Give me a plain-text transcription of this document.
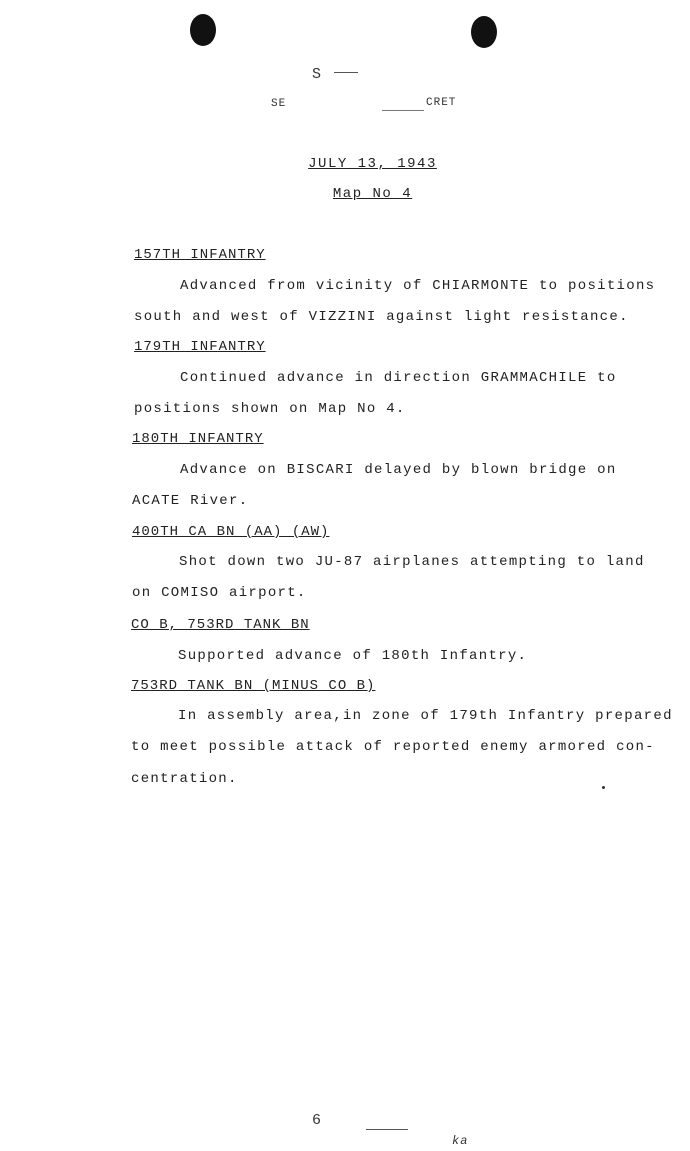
S
SE	CRET
JULY 13, 1943
Map No 4
157TH INFANTRY

Advanced from vicinity of CHIARMONTE to positions

south and west of VIZZINI against light resistance.

179TH INFANTRY

Continued advance in direction GRAMMACHILE to

positions shown on Map No 4.

180TH INFANTRY

Advance on BISCARI delayed by blown bridge on

ACATE River.

400TH CA BN (AA) (AW)

Shot down two JU-87 airplanes attempting to land

on COMISO airport.

CO B, 753RD TANK BN

Supported advance of 180th Infantry.

753RD TANK BN (MINUS CO B)

In assembly area,in zone of 179th Infantry prepared

to meet possible attack of reported enemy armored con-

centration.

6
ka
